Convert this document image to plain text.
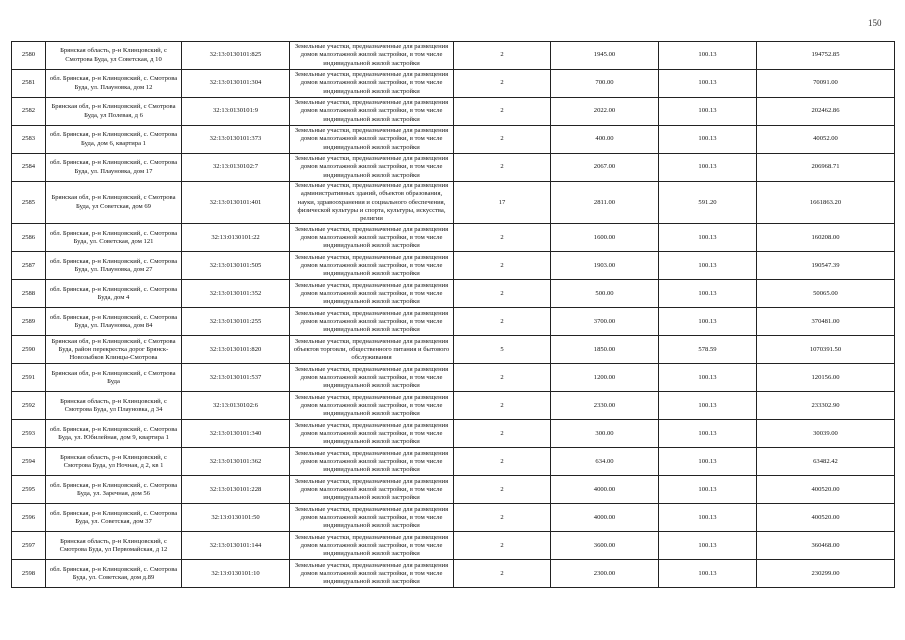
150
2580	Брянская область, р-н Клинцовский, с Смотрова Буда, ул Советская, д 10	32:13:0130101:825	Земельные участки, предназначенные для размещения домов малоэтажной жилой застройки, в том числе индивидуальной жилой застройки	2	1945.00	100.13	194752.85
2581	обл. Брянская, р-н Клинцовский, с. Смотрова Буда, ул. Плауновка, дом 12	32:13:0130101:304	Земельные участки, предназначенные для размещения домов малоэтажной жилой застройки, в том числе индивидуальной жилой застройки	2	700.00	100.13	70091.00
2582	Брянская обл, р-н Клинцовский, с Смотрова Буда, ул Полевая, д 6	32:13:0130101:9	Земельные участки, предназначенные для размещения домов малоэтажной жилой застройки, в том числе индивидуальной жилой застройки	2	2022.00	100.13	202462.86
2583	обл. Брянская, р-н Клинцовский, с. Смотрова Буда, дом 6, квартира 1	32:13:0130101:373	Земельные участки, предназначенные для размещения домов малоэтажной жилой застройки, в том числе индивидуальной жилой застройки	2	400.00	100.13	40052.00
2584	обл. Брянская, р-н Клинцовский, с. Смотрова Буда, ул. Плауновка, дом 17	32:13:0130102:7	Земельные участки, предназначенные для размещения домов малоэтажной жилой застройки, в том числе индивидуальной жилой застройки	2	2067.00	100.13	206968.71
2585	Брянская обл, р-н Клинцовский, с Смотрова Буда, ул Советская, дом 69	32:13:0130101:401	Земельные участки, предназначенные для размещения административных зданий, объектов образования, науки, здравоохранения и социального обеспечения, физической культуры и спорта, культуры, искусства, религии	17	2811.00	591.20	1661863.20
2586	обл. Брянская, р-н Клинцовский, с. Смотрова Буда, ул. Советская, дом 121	32:13:0130101:22	Земельные участки, предназначенные для размещения домов малоэтажной жилой застройки, в том числе индивидуальной жилой застройки	2	1600.00	100.13	160208.00
2587	обл. Брянская, р-н Клинцовский, с. Смотрова Буда, ул. Плауновка, дом 27	32:13:0130101:505	Земельные участки, предназначенные для размещения домов малоэтажной жилой застройки, в том числе индивидуальной жилой застройки	2	1903.00	100.13	190547.39
2588	обл. Брянская, р-н Клинцовский, с. Смотрова Буда, дом 4	32:13:0130101:352	Земельные участки, предназначенные для размещения домов малоэтажной жилой застройки, в том числе индивидуальной жилой застройки	2	500.00	100.13	50065.00
2589	обл. Брянская, р-н Клинцовский, с. Смотрова Буда, ул. Плауновка, дом 84	32:13:0130101:255	Земельные участки, предназначенные для размещения домов малоэтажной жилой застройки, в том числе индивидуальной жилой застройки	2	3700.00	100.13	370481.00
2590	Брянская обл, р-н Клинцовский, с Смотрова Буда, район перекрестка дорог Брянск-Новозыбков Клинцы-Смотрова	32:13:0130101:820	Земельные участки, предназначенные для размещения объектов торговли, общественного питания и бытового обслуживания	5	1850.00	578.59	1070391.50
2591	Брянская обл, р-н Клинцовский, с Смотрова Буда	32:13:0130101:537	Земельные участки, предназначенные для размещения домов малоэтажной жилой застройки, в том числе индивидуальной жилой застройки	2	1200.00	100.13	120156.00
2592	Брянская область, р-н Клинцовский, с Смотрова Буда, ул Плауновка, д 34	32:13:0130102:6	Земельные участки, предназначенные для размещения домов малоэтажной жилой застройки, в том числе индивидуальной жилой застройки	2	2330.00	100.13	233302.90
2593	обл. Брянская, р-н Клинцовский, с. Смотрова Буда, ул. Юбилейная, дом 9, квартира 1	32:13:0130101:340	Земельные участки, предназначенные для размещения домов малоэтажной жилой застройки, в том числе индивидуальной жилой застройки	2	300.00	100.13	30039.00
2594	Брянская область, р-н Клинцовский, с Смотрова Буда, ул Ночная, д 2, кв 1	32:13:0130101:362	Земельные участки, предназначенные для размещения домов малоэтажной жилой застройки, в том числе индивидуальной жилой застройки	2	634.00	100.13	63482.42
2595	обл. Брянская, р-н Клинцовский, с. Смотрова Буда, ул. Заречная, дом 56	32:13:0130101:228	Земельные участки, предназначенные для размещения домов малоэтажной жилой застройки, в том числе индивидуальной жилой застройки	2	4000.00	100.13	400520.00
2596	обл. Брянская, р-н Клинцовский, с. Смотрова Буда, ул. Советская, дом 37	32:13:0130101:50	Земельные участки, предназначенные для размещения домов малоэтажной жилой застройки, в том числе индивидуальной жилой застройки	2	4000.00	100.13	400520.00
2597	Брянская область, р-н Клинцовский, с Смотрова Буда, ул Первомайская, д 12	32:13:0130101:144	Земельные участки, предназначенные для размещения домов малоэтажной жилой застройки, в том числе индивидуальной жилой застройки	2	3600.00	100.13	360468.00
2598	обл. Брянская, р-н Клинцовский, с. Смотрова Буда, ул. Советская, дом д.89	32:13:0130101:10	Земельные участки, предназначенные для размещения домов малоэтажной жилой застройки, в том числе индивидуальной жилой застройки	2	2300.00	100.13	230299.00
